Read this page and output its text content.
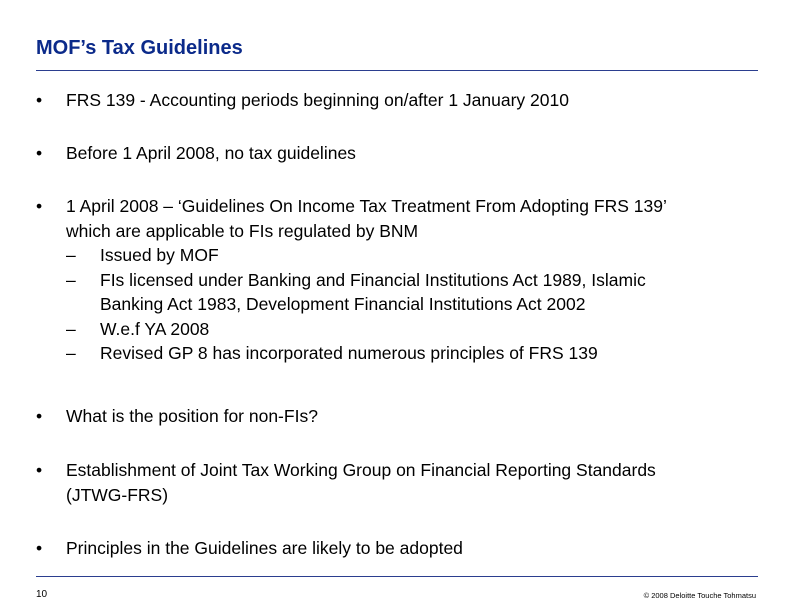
MOF’s Tax Guidelines
•	FRS 139 - Accounting periods beginning on/after 1 January 2010
•	Before 1 April 2008, no tax guidelines
•	1 April 2008 – ‘Guidelines On Income Tax Treatment From Adopting FRS 139’
which are applicable to FIs regulated by BNM
– Issued by MOF
– FIs licensed under Banking and Financial Institutions Act 1989, Islamic
Banking Act 1983, Development Financial Institutions Act 2002
– W.e.f YA 2008
– Revised GP 8 has incorporated numerous principles of FRS 139
•	What is the position for non-FIs?
•	Establishment of Joint Tax Working Group on Financial Reporting Standards
(JTWG-FRS)
•	Principles in the Guidelines are likely to be adopted
10	© 2008 Deloitte Touche Tohmatsu
